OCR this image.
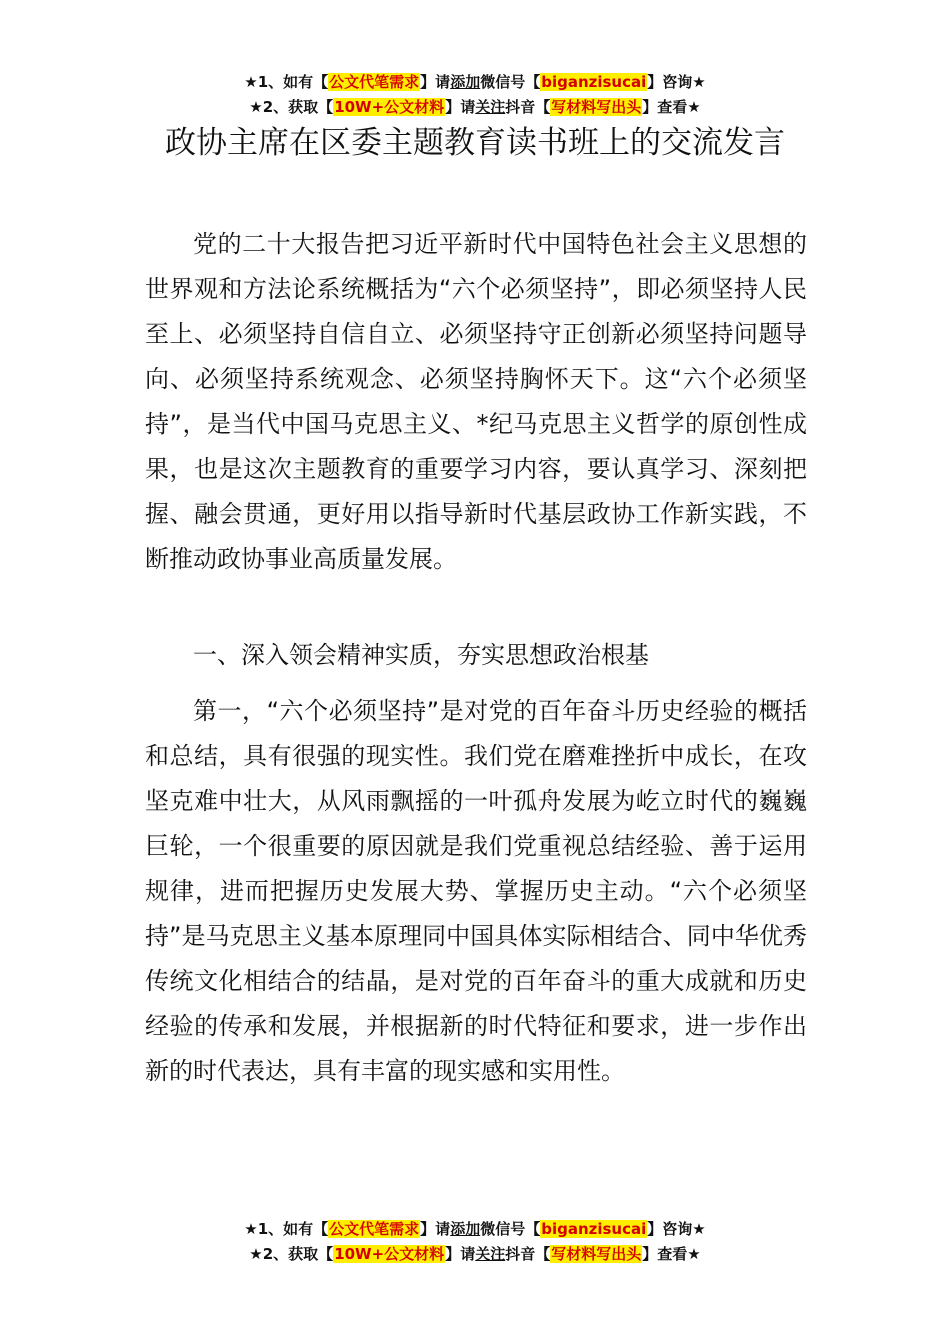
★1、如有【公文代笔需求】请添加微信号【biganzisucai】咨询★
★2、获取【10W+公文材料】请关注抖音【写材料写出头】查看★
政协主席在区委主题教育读书班上的交流发言

党的二十大报告把习近平新时代中国特色社会主义思想的世界观和方法论系统概括为“六个必须坚持”，即必须坚持人民至上、必须坚持自信自立、必须坚持守正创新必须坚持问题导向、必须坚持系统观念、必须坚持胸怀天下。这“六个必须坚持”，是当代中国马克思主义、*纪马克思主义哲学的原创性成果，也是这次主题教育的重要学习内容，要认真学习、深刻把握、融会贯通，更好用以指导新时代基层政协工作新实践，不断推动政协事业高质量发展。

一、深入领会精神实质，夯实思想政治根基

第一，“六个必须坚持”是对党的百年奋斗历史经验的概括和总结，具有很强的现实性。我们党在磨难挫折中成长，在攻坚克难中壮大，从风雨飘摇的一叶孤舟发展为屹立时代的巍巍巨轮，一个很重要的原因就是我们党重视总结经验、善于运用规律，进而把握历史发展大势、掌握历史主动。“六个必须坚持”是马克思主义基本原理同中国具体实际相结合、同中华优秀传统文化相结合的结晶，是对党的百年奋斗的重大成就和历史经验的传承和发展，并根据新的时代特征和要求，进一步作出新的时代表达，具有丰富的现实感和实用性。

★1、如有【公文代笔需求】请添加微信号【biganzisucai】咨询★
★2、获取【10W+公文材料】请关注抖音【写材料写出头】查看★
